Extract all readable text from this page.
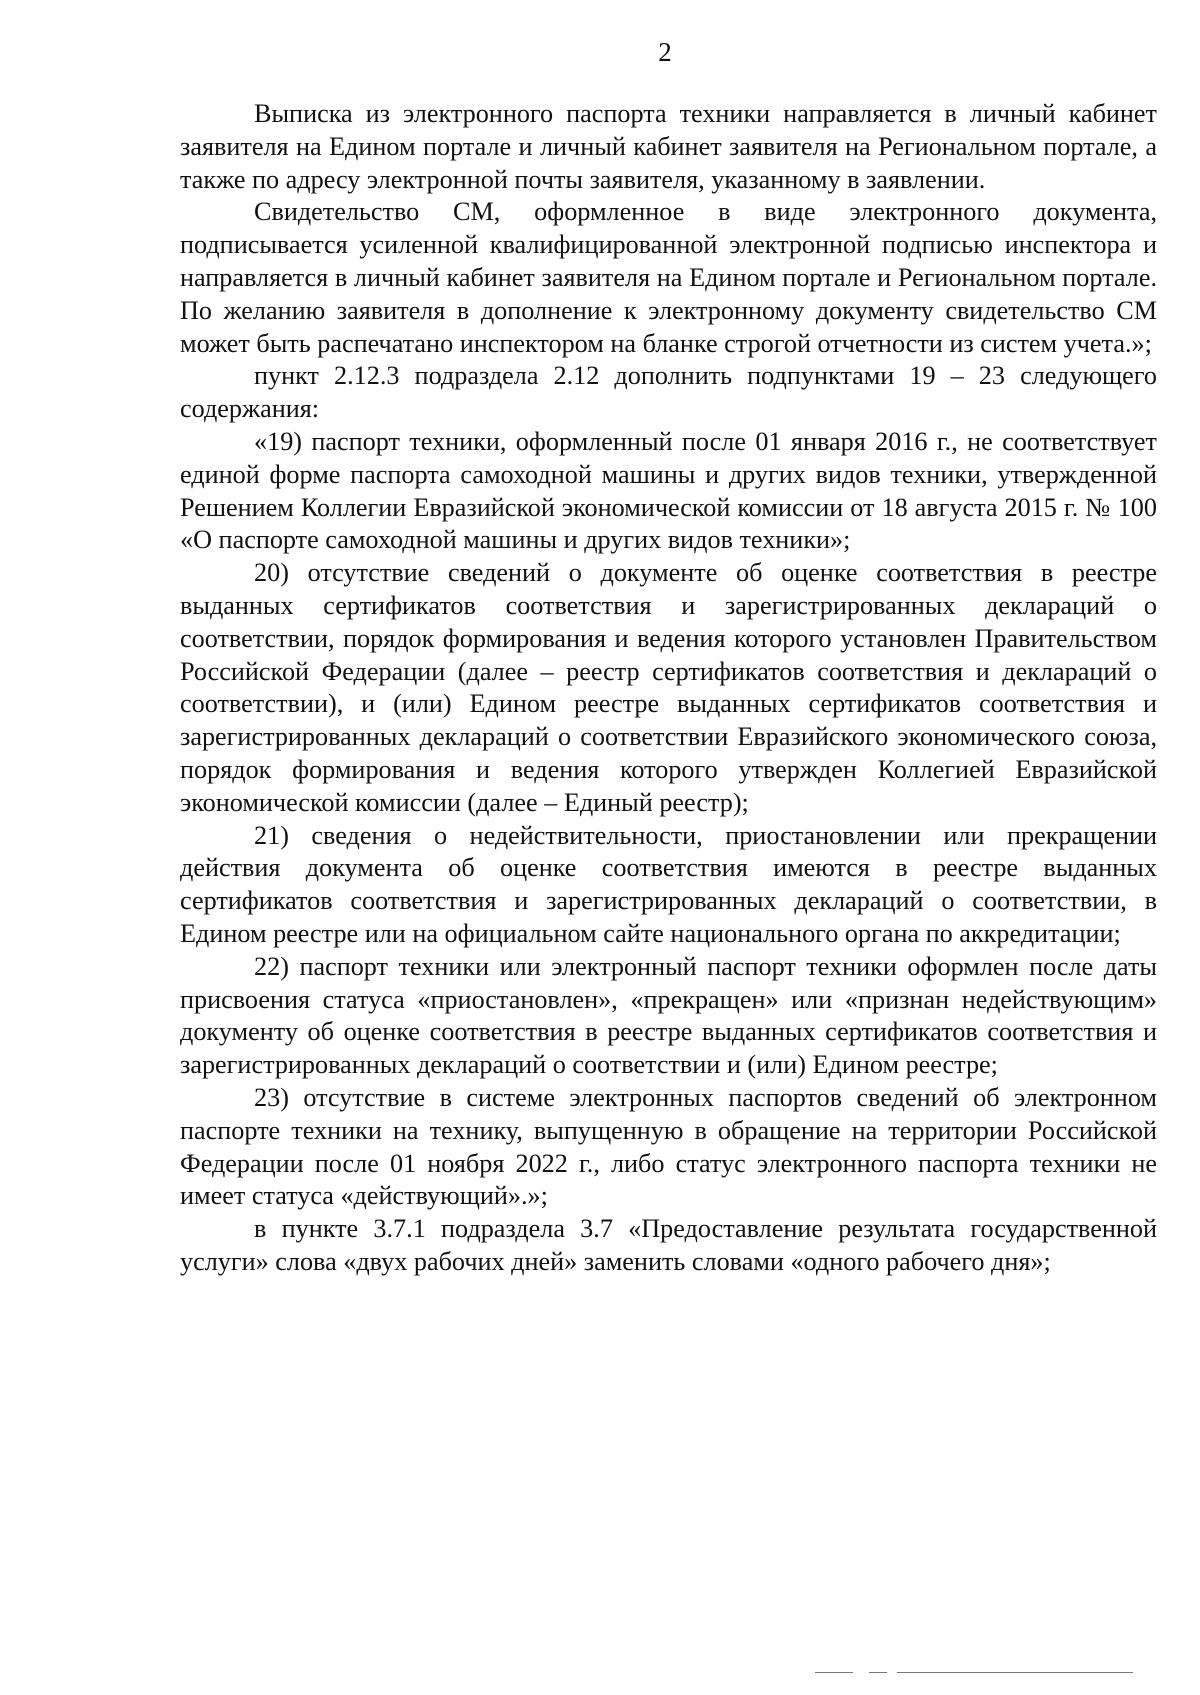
2

Выписка из электронного паспорта техники направляется в личный кабинет заявителя на Едином портале и личный кабинет заявителя на Региональном портале, а также по адресу электронной почты заявителя, указанному в заявлении.

Свидетельство СМ, оформленное в виде электронного документа, подписывается усиленной квалифицированной электронной подписью инспектора и направляется в личный кабинет заявителя на Едином портале и Региональном портале. По желанию заявителя в дополнение к электронному документу свидетельство СМ может быть распечатано инспектором на бланке строгой отчетности из систем учета.»;

пункт 2.12.3 подраздела 2.12 дополнить подпунктами 19 – 23 следующего содержания:

«19) паспорт техники, оформленный после 01 января 2016 г., не соответствует единой форме паспорта самоходной машины и других видов техники, утвержденной Решением Коллегии Евразийской экономической комиссии от 18 августа 2015 г. № 100 «О паспорте самоходной машины и других видов техники»;

20) отсутствие сведений о документе об оценке соответствия в реестре выданных сертификатов соответствия и зарегистрированных деклараций о соответствии, порядок формирования и ведения которого установлен Правительством Российской Федерации (далее – реестр сертификатов соответствия и деклараций о соответствии), и (или) Едином реестре выданных сертификатов соответствия и зарегистрированных деклараций о соответствии Евразийского экономического союза, порядок формирования и ведения которого утвержден Коллегией Евразийской экономической комиссии (далее – Единый реестр);

21) сведения о недействительности, приостановлении или прекращении действия документа об оценке соответствия имеются в реестре выданных сертификатов соответствия и зарегистрированных деклараций о соответствии, в Едином реестре или на официальном сайте национального органа по аккредитации;

22) паспорт техники или электронный паспорт техники оформлен после даты присвоения статуса «приостановлен», «прекращен» или «признан недействующим» документу об оценке соответствия в реестре выданных сертификатов соответствия и зарегистрированных деклараций о соответствии и (или) Едином реестре;

23) отсутствие в системе электронных паспортов сведений об электронном паспорте техники на технику, выпущенную в обращение на территории Российской Федерации после 01 ноября 2022 г., либо статус электронного паспорта техники не имеет статуса «действующий».»;

в пункте 3.7.1 подраздела 3.7 «Предоставление результата государственной услуги» слова «двух рабочих дней» заменить словами «одного рабочего дня»;
